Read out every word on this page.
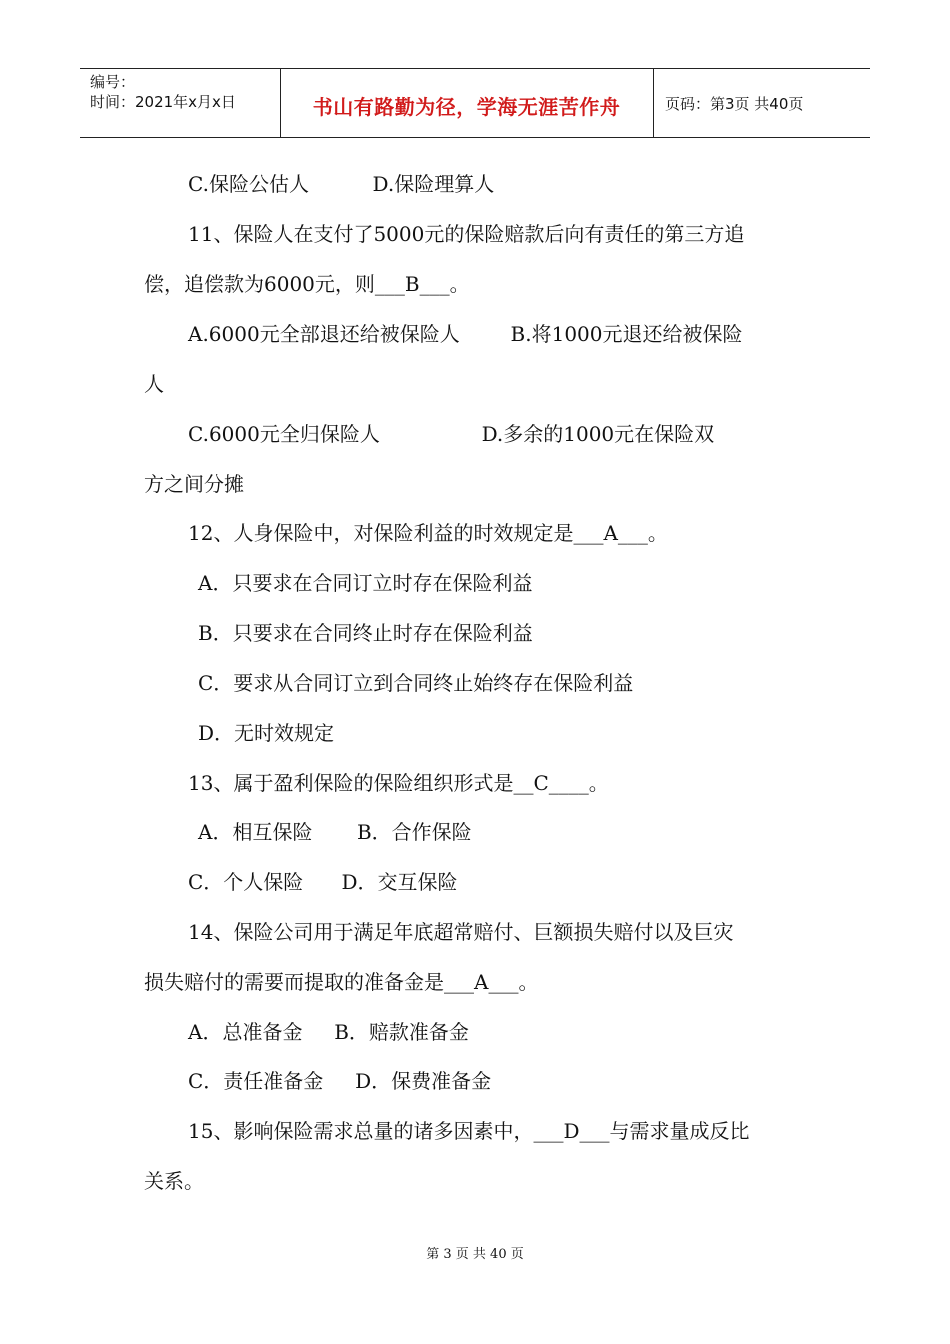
编号：
时间：2021年x月x日	书山有路勤为径，学海无涯苦作舟	页码：第3页 共40页
C.保险公估人          D.保险理算人
11、保险人在支付了5000元的保险赔款后向有责任的第三方追
偿，追偿款为6000元，则___B___。
A.6000元全部退还给被保险人        B.将1000元退还给被保险
人
C.6000元全归保险人                D.多余的1000元在保险双
方之间分摊
12、人身保险中，对保险利益的时效规定是___A___。
A．只要求在合同订立时存在保险利益
B．只要求在合同终止时存在保险利益
C．要求从合同订立到合同终止始终存在保险利益
D．无时效规定
13、属于盈利保险的保险组织形式是__C____。
A．相互保险       B．合作保险
C．个人保险      D．交互保险
14、保险公司用于满足年底超常赔付、巨额损失赔付以及巨灾
损失赔付的需要而提取的准备金是___A___。
A．总准备金     B．赔款准备金
C．责任准备金     D．保费准备金
15、影响保险需求总量的诸多因素中，___D___与需求量成反比
关系。
第 3 页 共 40 页
